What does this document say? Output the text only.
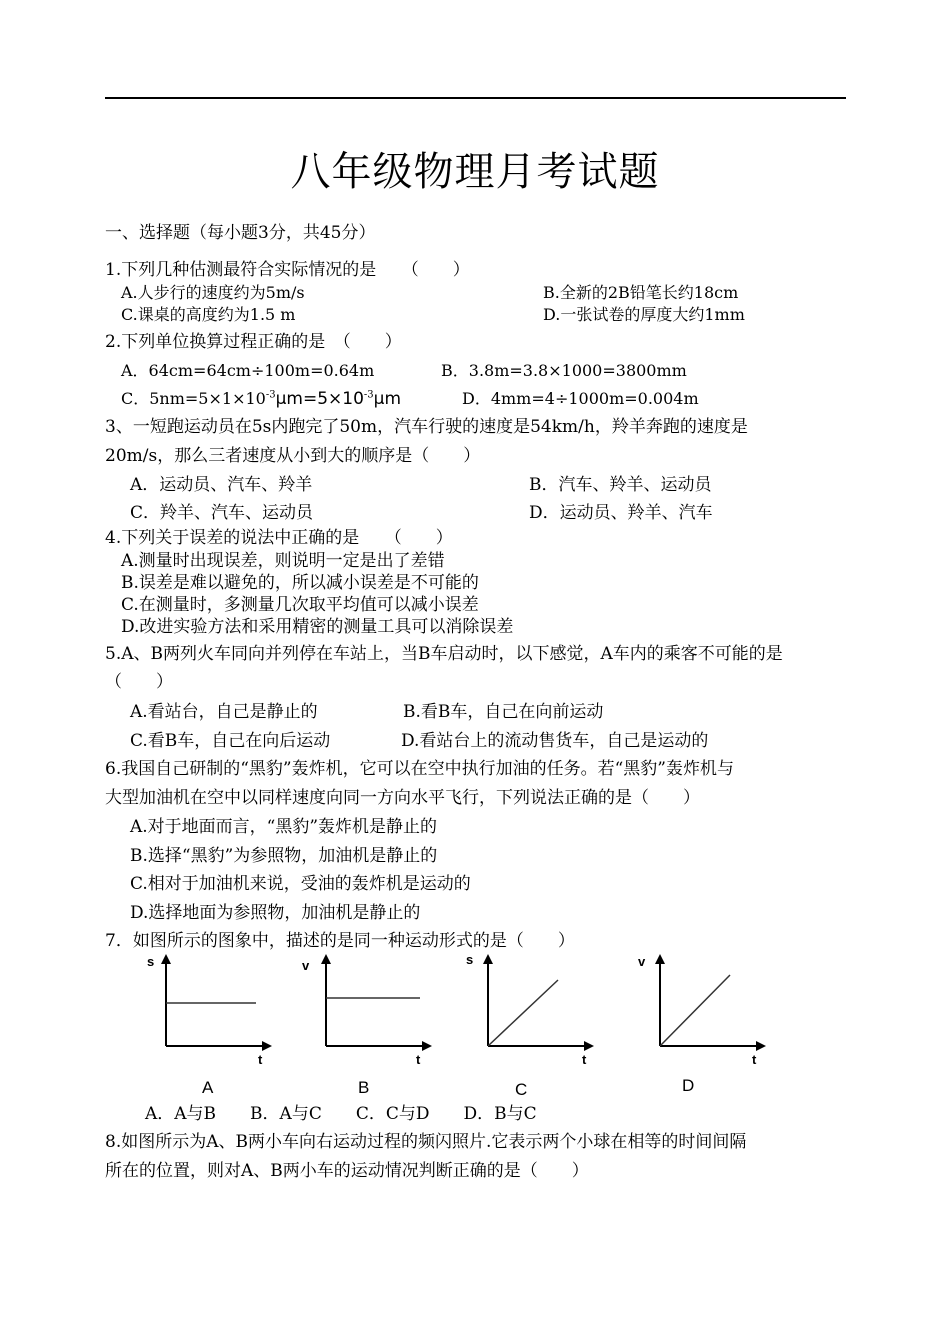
八年级物理月考试题
一、选择题（每小题3分，共45分）
1.下列几种估测最符合实际情况的是　　（　　）
A.人步行的速度约为5m/s	B.全新的2B铅笔长约18cm
C.课桌的高度约为1.5 m	D.一张试卷的厚度大约1mm
2.下列单位换算过程正确的是　（　　）
A．64cm=64cm÷100m=0.64m	B．3.8m=3.8×1000=3800mm
C．$5nm=5\times 1\times 10^{-3}\mu m=5\times 10^{-3}\mu m$	D．4mm=4÷1000m=0.004m
3、一短跑运动员在5s内跑完了50m，汽车行驶的速度是54km/h，羚羊奔跑的速度是
20m/s，那么三者速度从小到大的顺序是（　　）
A．运动员、汽车、羚羊	B．汽车、羚羊、运动员
C．羚羊、汽车、运动员	D．运动员、羚羊、汽车
4.下列关于误差的说法中正确的是　　（　　）
A.测量时出现误差，则说明一定是出了差错
B.误差是难以避免的，所以减小误差是不可能的
C.在测量时，多测量几次取平均值可以减小误差
D.改进实验方法和采用精密的测量工具可以消除误差
5.A、B两列火车同向并列停在车站上，当B车启动时，以下感觉，A车内的乘客不可能的是
（　　）
A.看站台，自己是静止的	B.看B车，自己在向前运动
C.看B车，自己在向后运动	D.看站台上的流动售货车，自己是运动的
6.我国自己研制的“黑豹”轰炸机，它可以在空中执行加油的任务。若“黑豹”轰炸机与
大型加油机在空中以同样速度向同一方向水平飞行，下列说法正确的是（　　）
A.对于地面而言，“黑豹”轰炸机是静止的
B.选择“黑豹”为参照物，加油机是静止的
C.相对于加油机来说，受油的轰炸机是运动的
D.选择地面为参照物，加油机是静止的
7．如图所示的图象中，描述的是同一种运动形式的是（　　）
s
t
A
v
t
B
s
t
C
v
t
D
A．A与B　　B．A与C　　C．C与D　　D．B与C
8.如图所示为A、B两小车向右运动过程的频闪照片.它表示两个小球在相等的时间间隔
所在的位置，则对A、B两小车的运动情况判断正确的是（　　）
